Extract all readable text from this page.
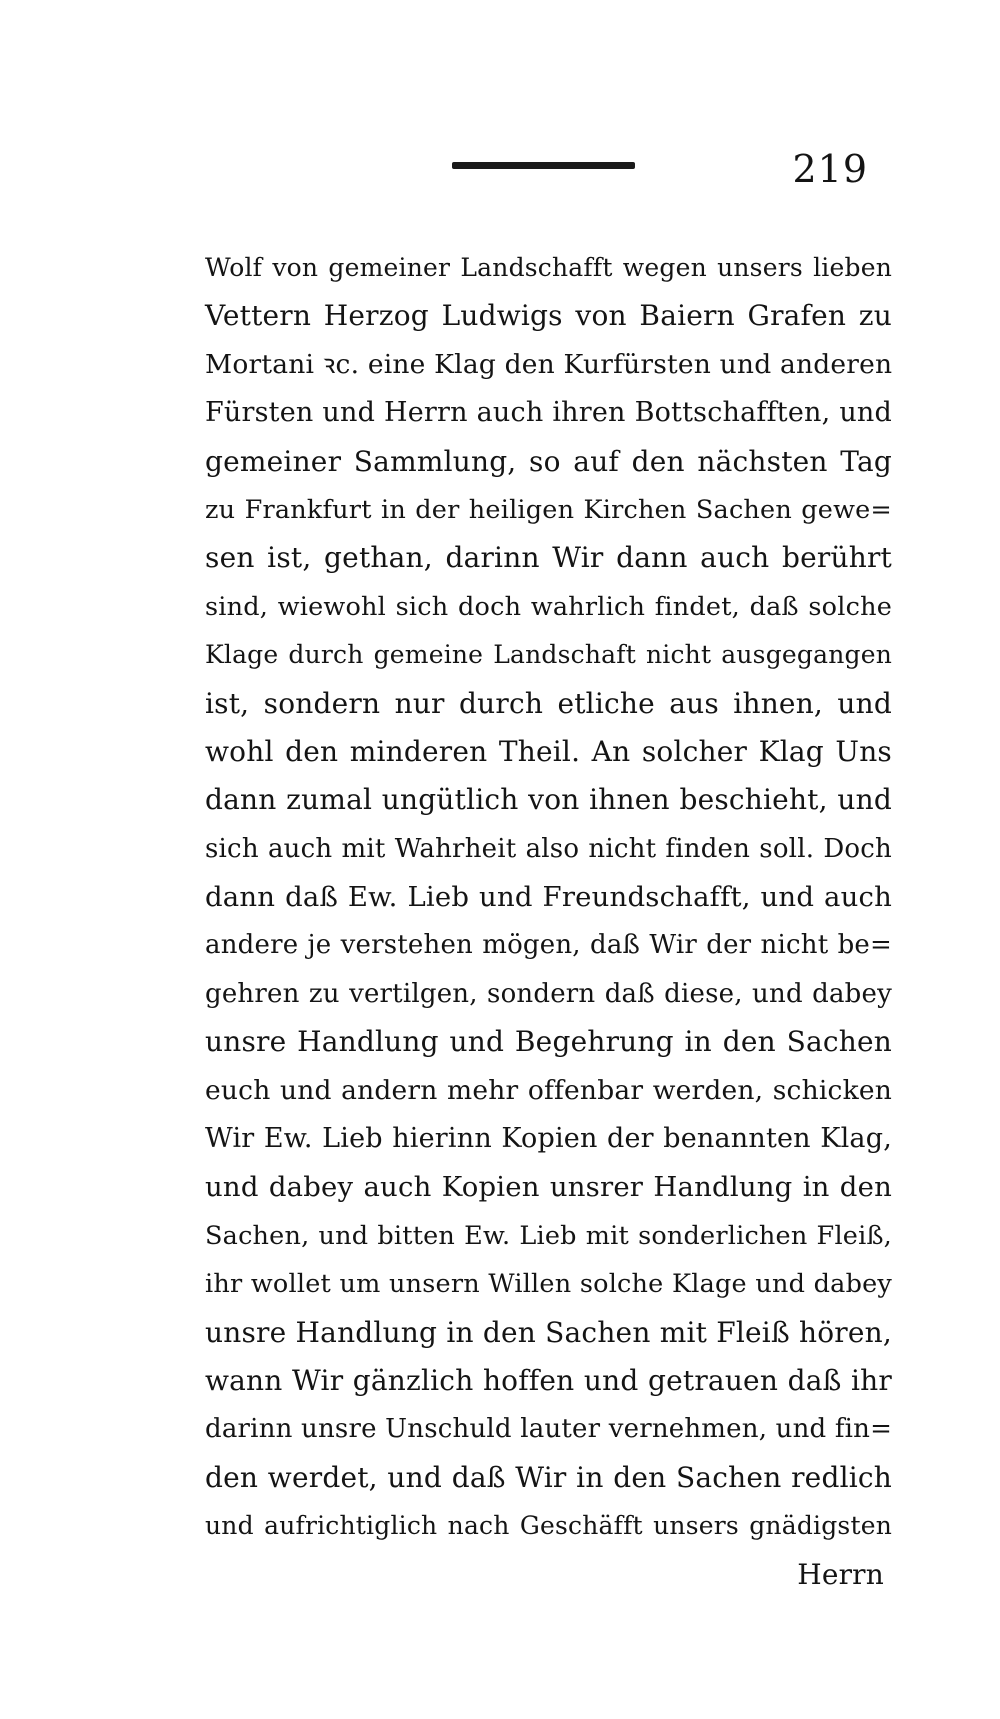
219
Wolf von gemeiner Landschafft wegen unsers lieben
Vettern Herzog Ludwigs von Baiern Grafen zu
Mortani ꝛc. eine Klag den Kurfürsten und anderen
Fürsten und Herrn auch ihren Bottschafften, und
gemeiner Sammlung, so auf den nächsten Tag
zu Frankfurt in der heiligen Kirchen Sachen gewe=
sen ist, gethan, darinn Wir dann auch berührt
sind, wiewohl sich doch wahrlich findet, daß solche
Klage durch gemeine Landschaft nicht ausgegangen
ist, sondern nur durch etliche aus ihnen, und
wohl den minderen Theil. An solcher Klag Uns
dann zumal ungütlich von ihnen beschieht, und
sich auch mit Wahrheit also nicht finden soll. Doch
dann daß Ew. Lieb und Freundschafft, und auch
andere je verstehen mögen, daß Wir der nicht be=
gehren zu vertilgen, sondern daß diese, und dabey
unsre Handlung und Begehrung in den Sachen
euch und andern mehr offenbar werden, schicken
Wir Ew. Lieb hierinn Kopien der benannten Klag,
und dabey auch Kopien unsrer Handlung in den
Sachen, und bitten Ew. Lieb mit sonderlichen Fleiß,
ihr wollet um unsern Willen solche Klage und dabey
unsre Handlung in den Sachen mit Fleiß hören,
wann Wir gänzlich hoffen und getrauen daß ihr
darinn unsre Unschuld lauter vernehmen, und fin=
den werdet, und daß Wir in den Sachen redlich
und aufrichtiglich nach Geschäfft unsers gnädigsten
Herrn
